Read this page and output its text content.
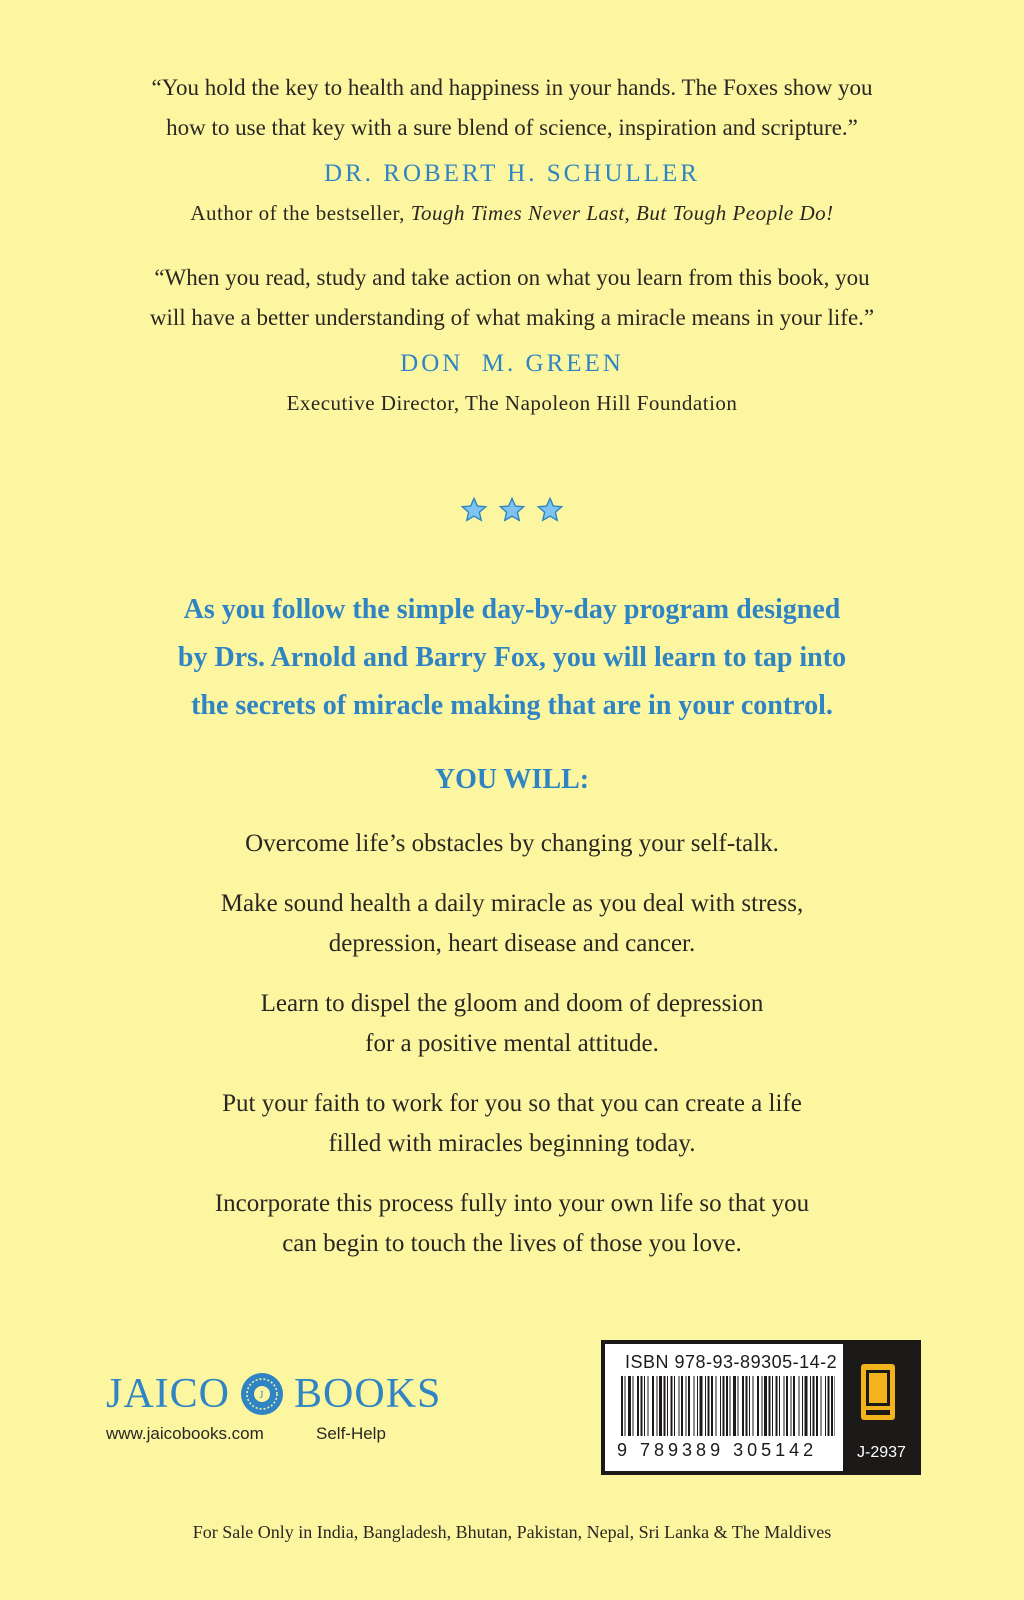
“You hold the key to health and happiness in your hands. The Foxes show you
how to use that key with a sure blend of science, inspiration and scripture.”
DR. ROBERT H. SCHULLER
Author of the bestseller, Tough Times Never Last, But Tough People Do!
“When you read, study and take action on what you learn from this book, you
will have a better understanding of what making a miracle means in your life.”
DON  M. GREEN
Executive Director, The Napoleon Hill Foundation
As you follow the simple day-by-day program designed
by Drs. Arnold and Barry Fox, you will learn to tap into
the secrets of miracle making that are in your control.
YOU WILL:
Overcome life’s obstacles by changing your self-talk.
Make sound health a daily miracle as you deal with stress,
depression, heart disease and cancer.
Learn to dispel the gloom and doom of depression
for a positive mental attitude.
Put your faith to work for you so that you can create a life
filled with miracles beginning today.
Incorporate this process fully into your own life so that you
can begin to touch the lives of those you love.
JAICO	J BOOKS
www.jaicobooks.com	Self-Help
ISBN 978-93-89305-14-2
9 789389 305142	J-2937
For Sale Only in India, Bangladesh, Bhutan, Pakistan, Nepal, Sri Lanka & The Maldives
